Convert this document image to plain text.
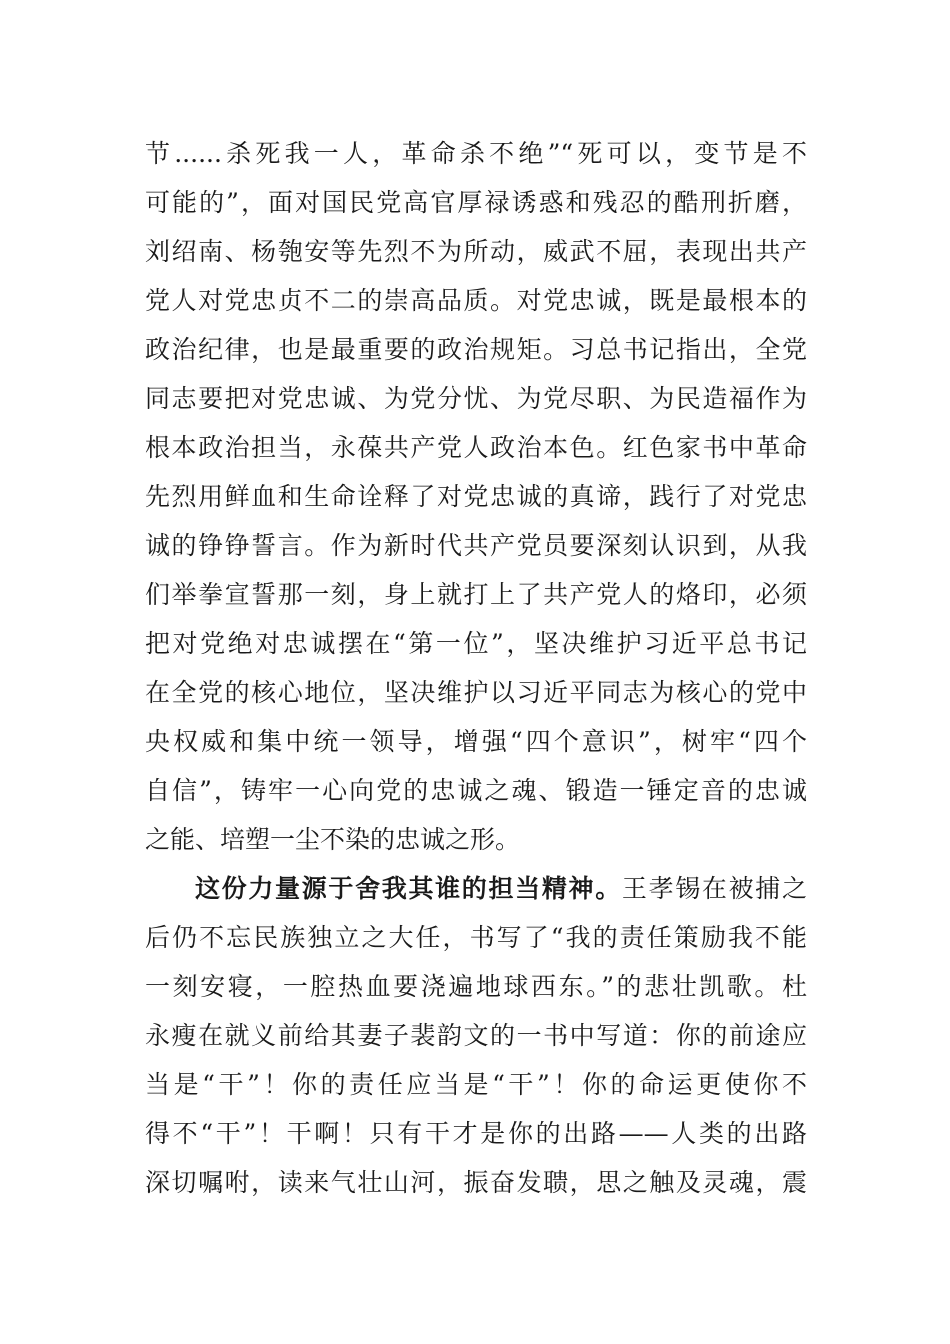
节......杀死我一人，革命杀不绝”“死可以，变节是不
可能的”，面对国民党高官厚禄诱惑和残忍的酷刑折磨，
刘绍南、杨匏安等先烈不为所动，威武不屈，表现出共产
党人对党忠贞不二的崇高品质。对党忠诚，既是最根本的
政治纪律，也是最重要的政治规矩。习总书记指出，全党
同志要把对党忠诚、为党分忧、为党尽职、为民造福作为
根本政治担当，永葆共产党人政治本色。红色家书中革命
先烈用鲜血和生命诠释了对党忠诚的真谛，践行了对党忠
诚的铮铮誓言。作为新时代共产党员要深刻认识到，从我
们举拳宣誓那一刻，身上就打上了共产党人的烙印，必须
把对党绝对忠诚摆在“第一位”，坚决维护习近平总书记
在全党的核心地位，坚决维护以习近平同志为核心的党中
央权威和集中统一领导，增强“四个意识”，树牢“四个
自信”，铸牢一心向党的忠诚之魂、锻造一锤定音的忠诚
之能、培塑一尘不染的忠诚之形。
这份力量源于舍我其谁的担当精神。王孝锡在被捕之
后仍不忘民族独立之大任，书写了“我的责任策励我不能
一刻安寝，一腔热血要浇遍地球西东。”的悲壮凯歌。杜
永瘦在就义前给其妻子裴韵文的一书中写道：你的前途应
当是“干”！你的责任应当是“干”！你的命运更使你不
得不“干”！干啊！只有干才是你的出路——人类的出路
深切嘱咐，读来气壮山河，振奋发聩，思之触及灵魂，震
